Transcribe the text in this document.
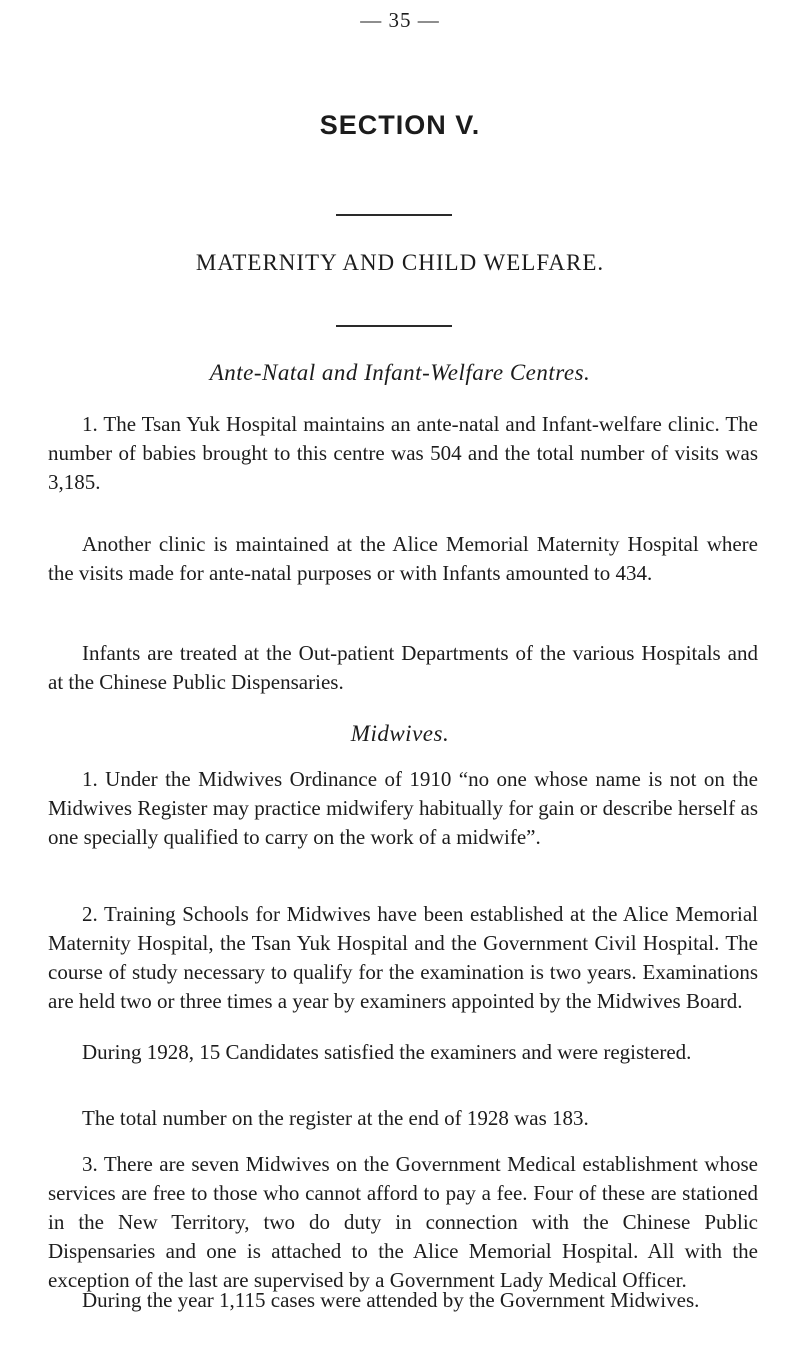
— 35 —
SECTION V.
MATERNITY AND CHILD WELFARE.
Ante-Natal and Infant-Welfare Centres.

1. The Tsan Yuk Hospital maintains an ante-natal and Infant-welfare clinic. The number of babies brought to this centre was 504 and the total number of visits was 3,185.

Another clinic is maintained at the Alice Memorial Maternity Hospital where the visits made for ante-natal purposes or with Infants amounted to 434.

Infants are treated at the Out-patient Departments of the various Hospitals and at the Chinese Public Dispensaries.

Midwives.

1. Under the Midwives Ordinance of 1910 “no one whose name is not on the Midwives Register may practice midwifery habitually for gain or describe herself as one specially qualified to carry on the work of a midwife”.

2. Training Schools for Midwives have been established at the Alice Memorial Maternity Hospital, the Tsan Yuk Hospital and the Government Civil Hospital. The course of study necessary to qualify for the examination is two years. Examinations are held two or three times a year by examiners appointed by the Midwives Board.

During 1928, 15 Candidates satisfied the examiners and were registered.

The total number on the register at the end of 1928 was 183.

3. There are seven Midwives on the Government Medical establishment whose services are free to those who cannot afford to pay a fee. Four of these are stationed in the New Territory, two do duty in connection with the Chinese Public Dispensaries and one is attached to the Alice Memorial Hospital. All with the exception of the last are supervised by a Government Lady Medical Officer.

During the year 1,115 cases were attended by the Government Midwives.
